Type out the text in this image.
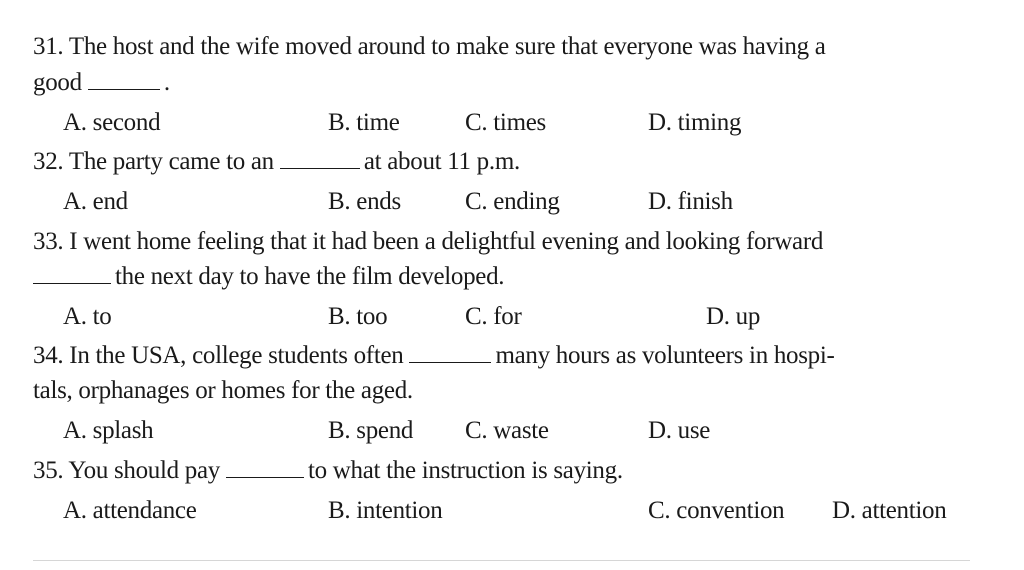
31. The host and the wife moved around to make sure that everyone was having a
good	.
A. second	B. time	C. times	D. timing
32. The party came to an	at about 11 p.m.
A. end	B. ends	C. ending	D. finish
33. I went home feeling that it had been a delightful evening and looking forward
the next day to have the film developed.
A. to	B. too	C. for	D. up
34. In the USA, college students often	many hours as volunteers in hospi-
tals, orphanages or homes for the aged.
A. splash	B. spend C. waste	D. use
35. You should pay	to what the instruction is saying.
A. attendance	B. intention	C. convention D. attention
